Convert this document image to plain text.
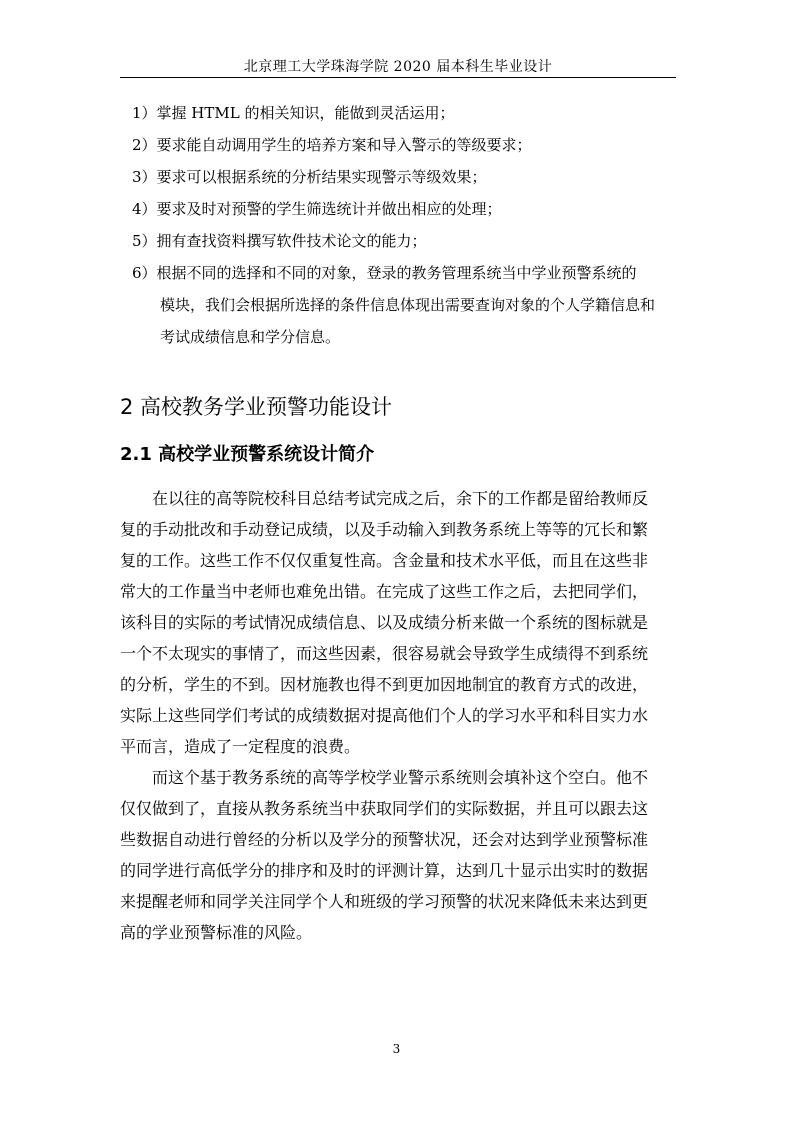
北京理工大学珠海学院 2020 届本科生毕业设计
1）掌握 HTML 的相关知识，能做到灵活运用；
2）要求能自动调用学生的培养方案和导入警示的等级要求；
3）要求可以根据系统的分析结果实现警示等级效果；
4）要求及时对预警的学生筛选统计并做出相应的处理；
5）拥有查找资料撰写软件技术论文的能力；
6）根据不同的选择和不同的对象，登录的教务管理系统当中学业预警系统的
模块，我们会根据所选择的条件信息体现出需要查询对象的个人学籍信息和
考试成绩信息和学分信息。
2 高校教务学业预警功能设计
2.1 高校学业预警系统设计简介

在以往的高等院校科目总结考试完成之后，余下的工作都是留给教师反
复的手动批改和手动登记成绩，以及手动输入到教务系统上等等的冗长和繁
复的工作。这些工作不仅仅重复性高。含金量和技术水平低，而且在这些非
常大的工作量当中老师也难免出错。在完成了这些工作之后，去把同学们，
该科目的实际的考试情况成绩信息、以及成绩分析来做一个系统的图标就是
一个不太现实的事情了，而这些因素，很容易就会导致学生成绩得不到系统
的分析，学生的不到。因材施教也得不到更加因地制宜的教育方式的改进，
实际上这些同学们考试的成绩数据对提高他们个人的学习水平和科目实力水
平而言，造成了一定程度的浪费。

而这个基于教务系统的高等学校学业警示系统则会填补这个空白。他不
仅仅做到了，直接从教务系统当中获取同学们的实际数据，并且可以跟去这
些数据自动进行曾经的分析以及学分的预警状况，还会对达到学业预警标准
的同学进行高低学分的排序和及时的评测计算，达到几十显示出实时的数据
来提醒老师和同学关注同学个人和班级的学习预警的状况来降低未来达到更
高的学业预警标准的风险。

3
